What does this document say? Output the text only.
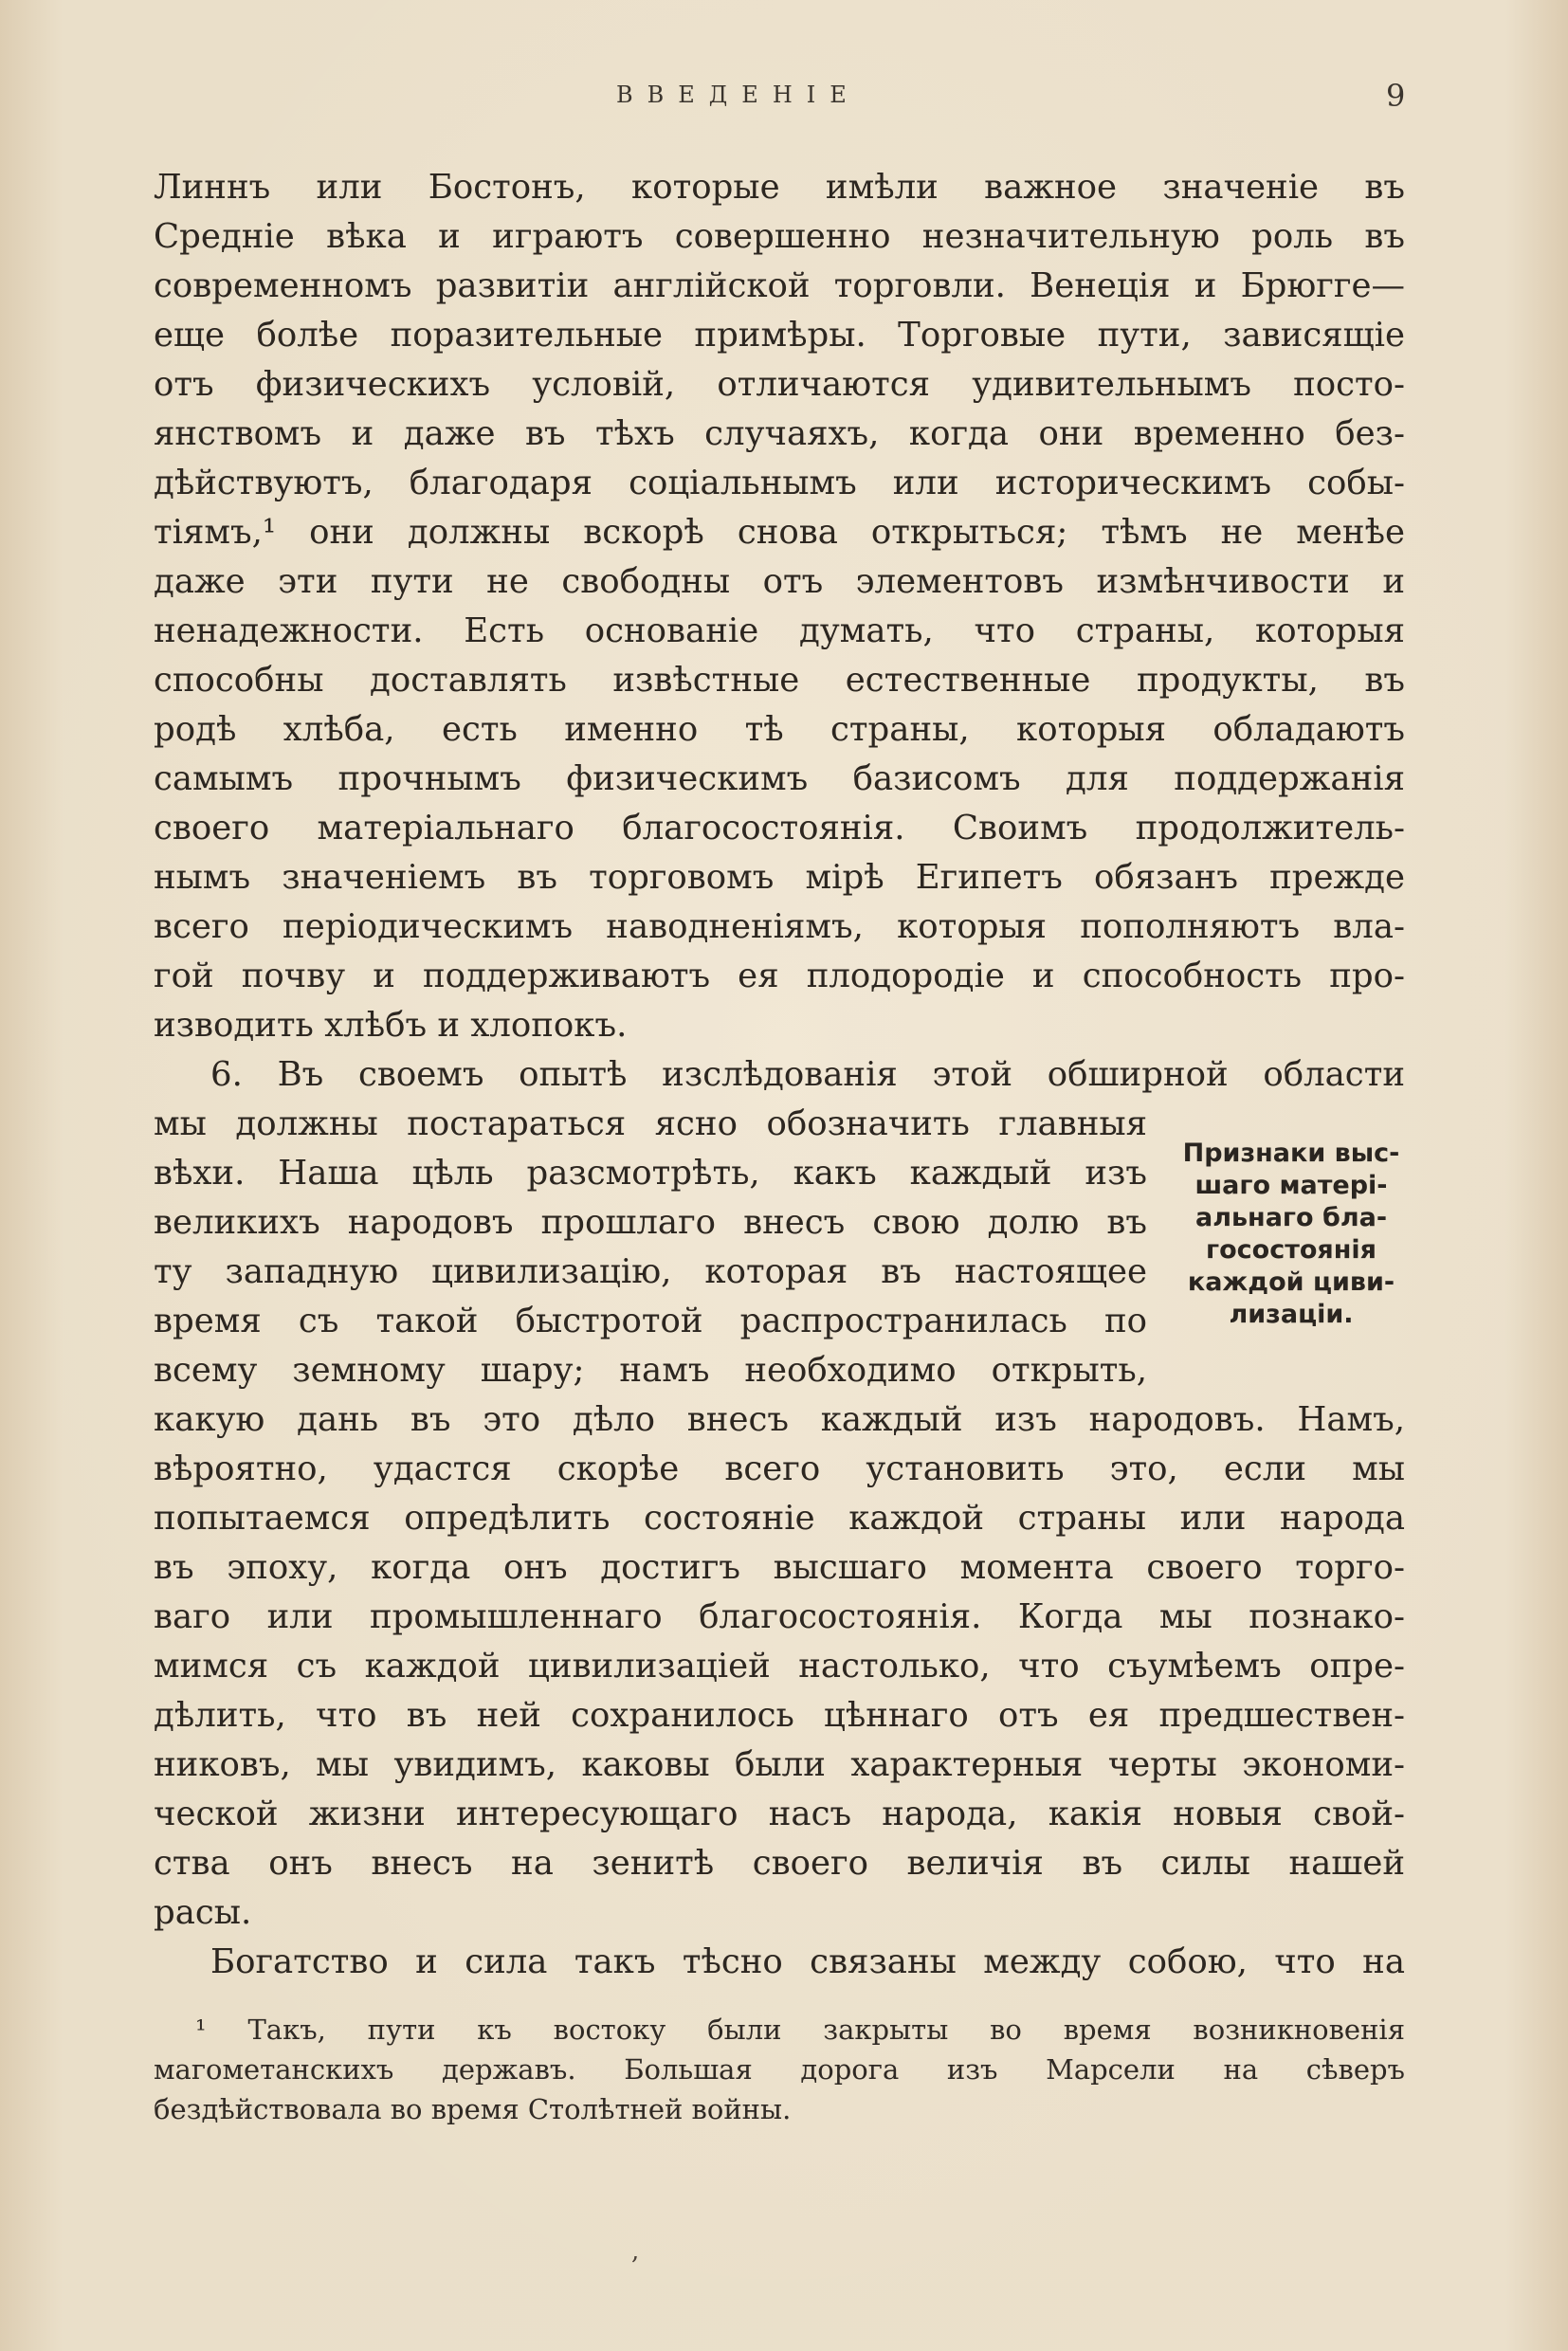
ВВЕДЕНІЕ	9
Линнъ или Бостонъ, которые имѣли важное значеніе въ
Средніе вѣка и играютъ совершенно незначительную роль въ
современномъ развитіи англійской торговли. Венеція и Брюгге—
еще болѣе поразительные примѣры. Торговые пути, зависящіе
отъ физическихъ условій, отличаются удивительнымъ посто-
янствомъ и даже въ тѣхъ случаяхъ, когда они временно без-
дѣйствуютъ, благодаря соціальнымъ или историческимъ собы-
тіямъ,¹ они должны вскорѣ снова открыться; тѣмъ не менѣе
даже эти пути не свободны отъ элементовъ измѣнчивости и
ненадежности. Есть основаніе думать, что страны, которыя
способны доставлять извѣстные естественные продукты, въ
родѣ хлѣба, есть именно тѣ страны, которыя обладаютъ
самымъ прочнымъ физическимъ базисомъ для поддержанія
своего матеріальнаго благосостоянія. Своимъ продолжитель-
нымъ значеніемъ въ торговомъ мірѣ Египетъ обязанъ прежде
всего періодическимъ наводненіямъ, которыя пополняютъ вла-
гой почву и поддерживаютъ ея плодородіе и способность про-
изводить хлѣбъ и хлопокъ.
6. Въ своемъ опытѣ изслѣдованія этой обширной области
мы должны постараться ясно обозначить главныя
вѣхи. Наша цѣль разсмотрѣть, какъ каждый изъ
великихъ народовъ прошлаго внесъ свою долю въ
ту западную цивилизацію, которая въ настоящее
время съ такой быстротой распространилась по
всему земному шару; намъ необходимо открыть,
какую дань въ это дѣло внесъ каждый изъ народовъ. Намъ,
вѣроятно, удастся скорѣе всего установить это, если мы
попытаемся опредѣлить состояніе каждой страны или народа
въ эпоху, когда онъ достигъ высшаго момента своего торго-
ваго или промышленнаго благосостоянія. Когда мы познако-
мимся съ каждой цивилизаціей настолько, что съумѣемъ опре-
дѣлить, что въ ней сохранилось цѣннаго отъ ея предшествен-
никовъ, мы увидимъ, каковы были характерныя черты экономи-
ческой жизни интересующаго насъ народа, какія новыя свой-
ства онъ внесъ на зенитѣ своего величія въ силы нашей
расы.
Богатство и сила такъ тѣсно связаны между собою, что на
Признаки выс-
шаго матері-
альнаго бла-
госостоянія
каждой циви-
лизаціи.
¹ Такъ, пути къ востоку были закрыты во время возникновенія
магометанскихъ державъ. Большая дорога изъ Марсели на сѣверъ
бездѣйствовала во время Столѣтней войны.
,
